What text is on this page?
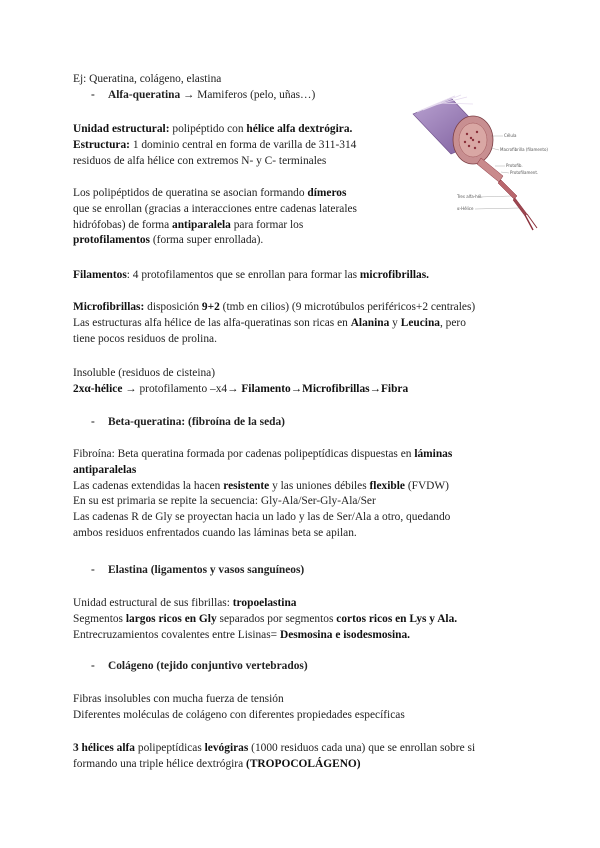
Ej: Queratina, colágeno, elastina
- Alfa-queratina → Mamiferos (pelo, uñas…)
Unidad estructural: polipéptido con hélice alfa dextrógira.
Estructura: 1 dominio central en forma de varilla de 311-314
residuos de alfa hélice con extremos N- y C- terminales
Los polipéptidos de queratina se asocian formando dímeros
que se enrollan (gracias a interacciones entre cadenas laterales
hidrófobas) de forma antiparalela para formar los
protofilamentos (forma super enrollada).
Filamentos: 4 protofilamentos que se enrollan para formar las microfibrillas.
Microfibrillas: disposición 9+2 (tmb en cilios) (9 microtúbulos periféricos+2 centrales)
Las estructuras alfa hélice de las alfa-queratinas son ricas en Alanina y Leucina, pero
tiene pocos residuos de prolina.
Insoluble (residuos de cisteina)
2xα-hélice → protofilamento –x4→ Filamento→Microfibrillas→Fibra
- Beta-queratina: (fibroína de la seda)
Fibroína: Beta queratina formada por cadenas polipeptídicas dispuestas en láminas
antiparalelas
Las cadenas extendidas la hacen resistente y las uniones débiles flexible (FVDW)
En su est primaria se repite la secuencia: Gly-Ala/Ser-Gly-Ala/Ser
Las cadenas R de Gly se proyectan hacia un lado y las de Ser/Ala a otro, quedando
ambos residuos enfrentados cuando las láminas beta se apilan.
- Elastina (ligamentos y vasos sanguíneos)
Unidad estructural de sus fibrillas: tropoelastina
Segmentos largos ricos en Gly separados por segmentos cortos ricos en Lys y Ala.
Entrecruzamientos covalentes entre Lisinas= Desmosina e isodesmosina.
- Colágeno (tejido conjuntivo vertebrados)
Fibras insolubles con mucha fuerza de tensión
Diferentes moléculas de colágeno con diferentes propiedades específicas
3 hélices alfa polipeptídicas levógiras (1000 residuos cada una) que se enrollan sobre si
formando una triple hélice dextrógira (TROPOCOLÁGENO)
Célula
Macrofibrilla (filamento)
Protofib.
Protofilament.
Tres alfa-hél.
α-Hélice
